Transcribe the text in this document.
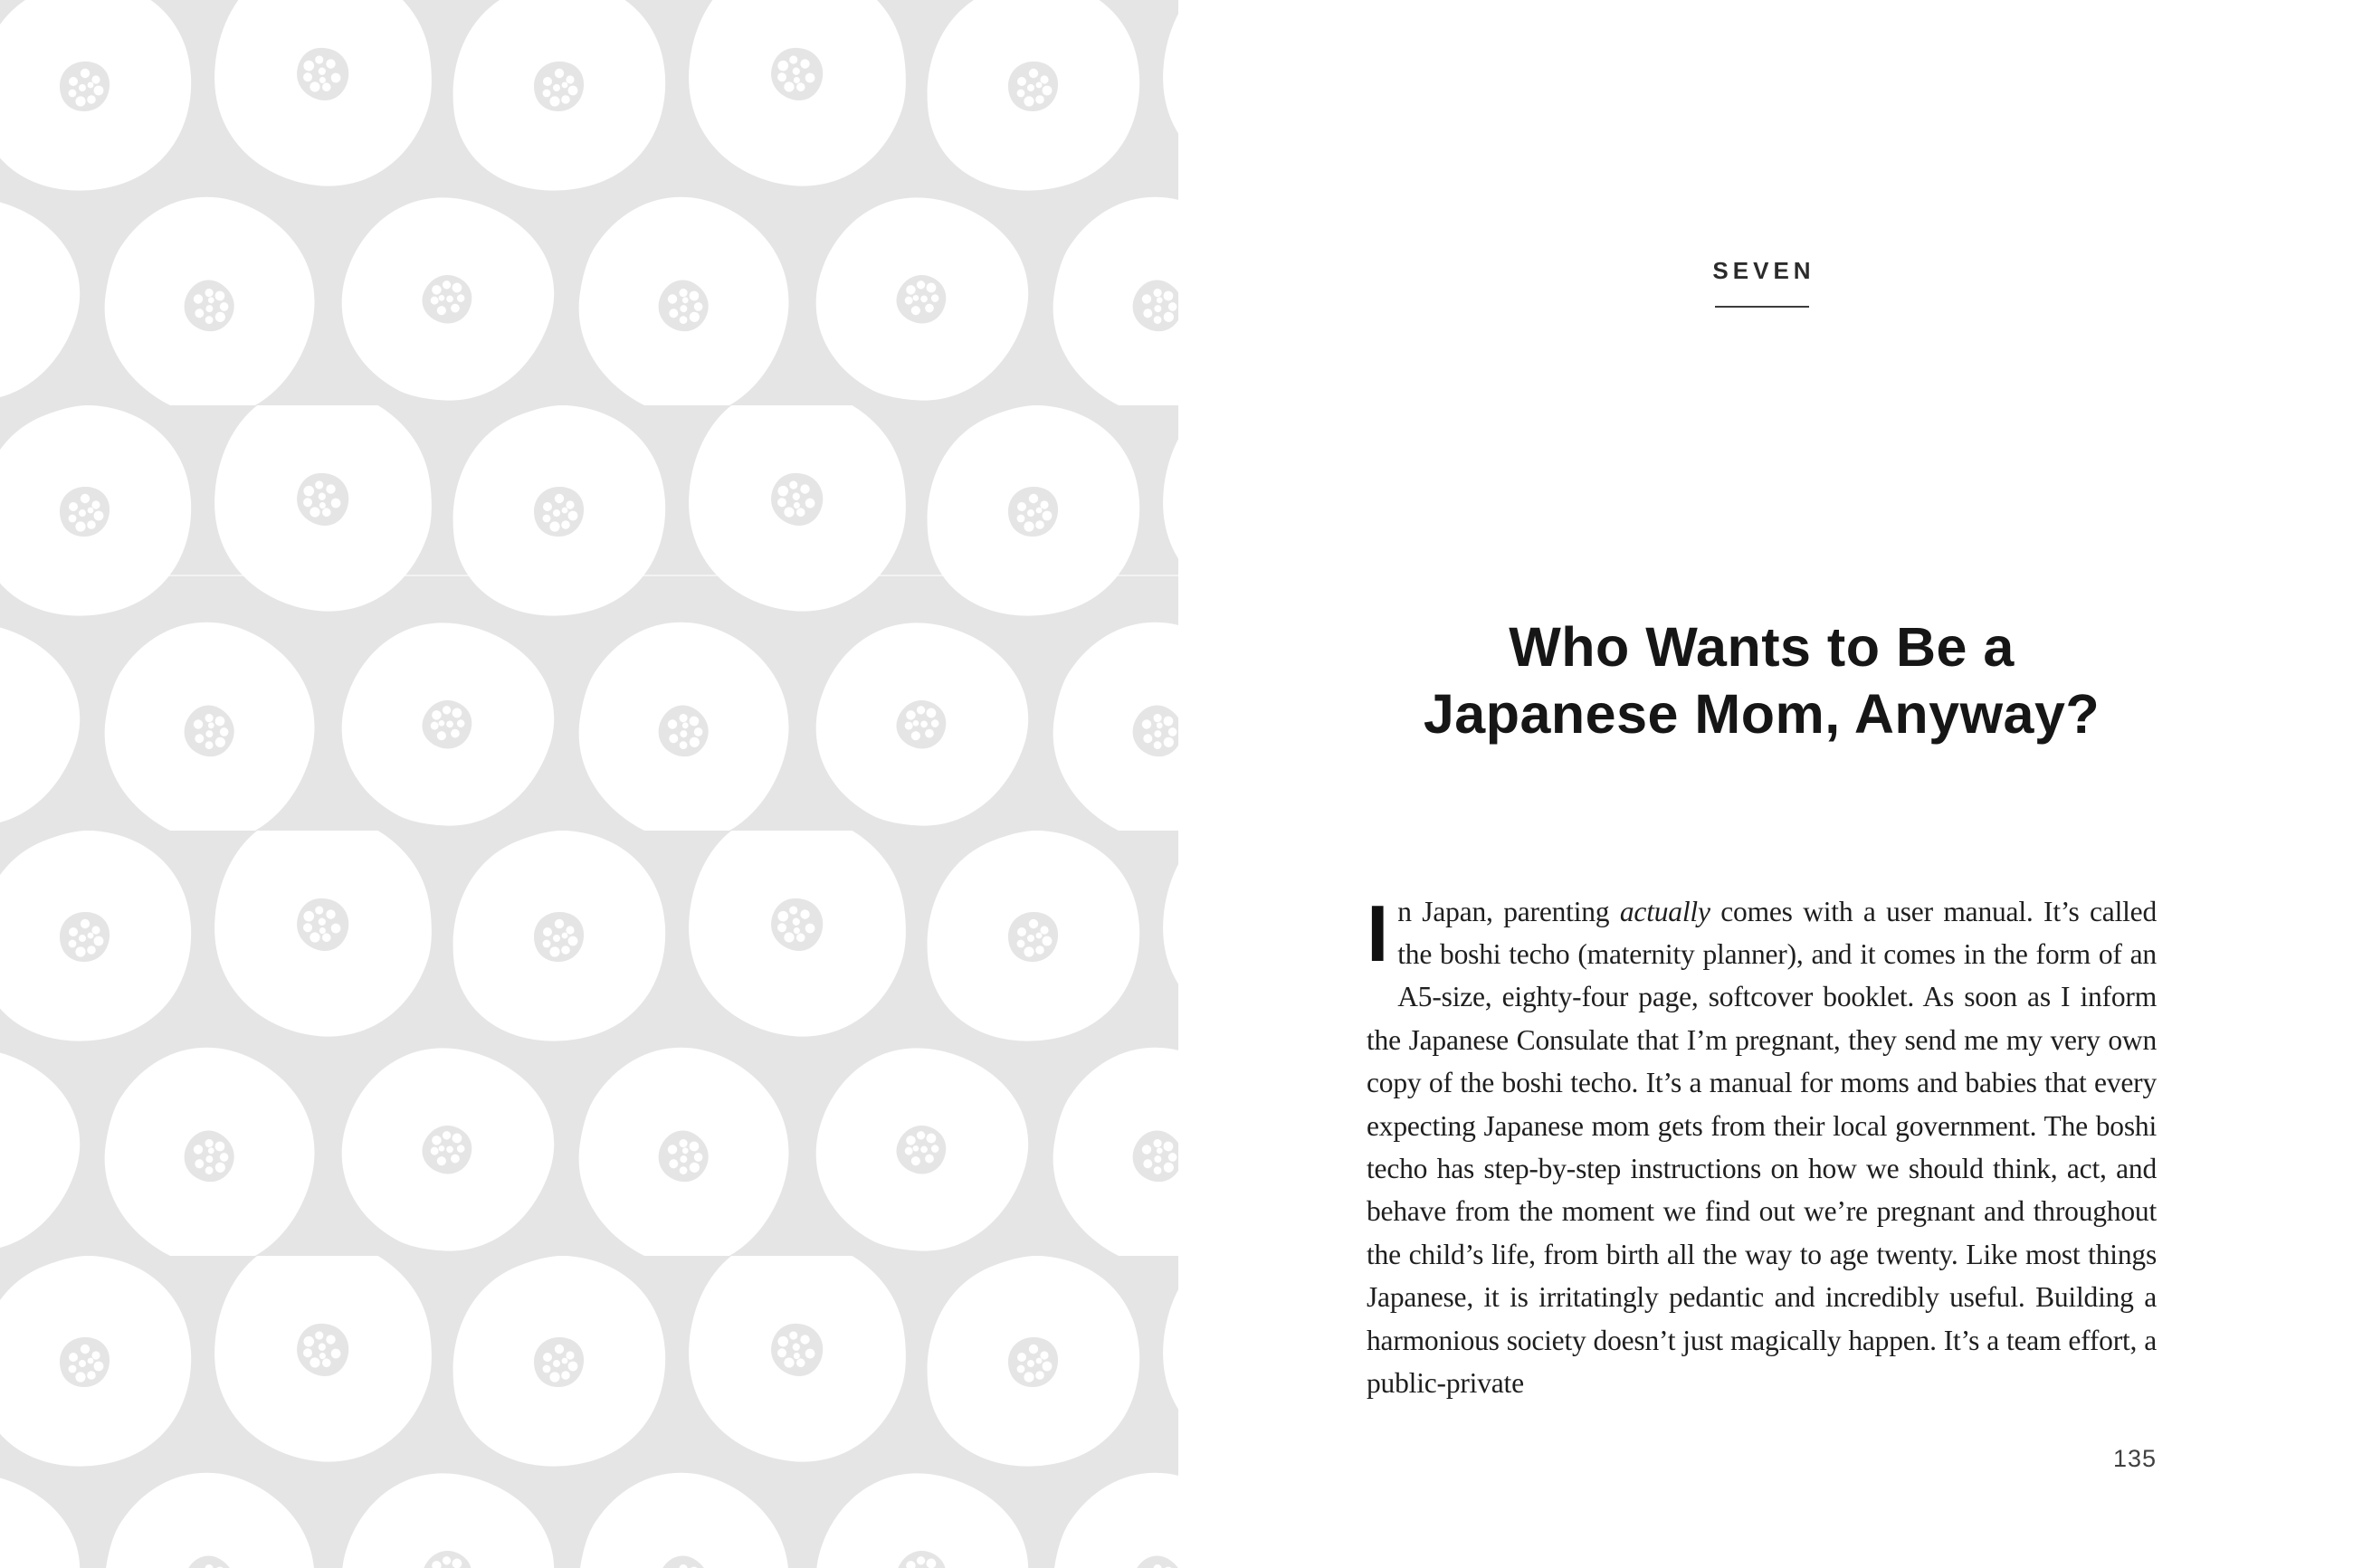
SEVEN
Who Wants to Be a
Japanese Mom, Anyway?

In Japan, parenting actually comes with a user manual. It’s called the boshi techo (maternity planner), and it comes in the form of an A5-size, eighty-four page, softcover booklet. As soon as I inform the Japanese Consulate that I’m pregnant, they send me my very own copy of the boshi techo. It’s a manual for moms and babies that every expecting Japanese mom gets from their local government. The boshi techo has step-by-step instructions on how we should think, act, and behave from the moment we find out we’re pregnant and throughout the child’s life, from birth all the way to age twenty. Like most things Japanese, it is irritatingly pedantic and incredibly useful. Building a harmonious society doesn’t just magically happen. It’s a team effort, a public-private

135
